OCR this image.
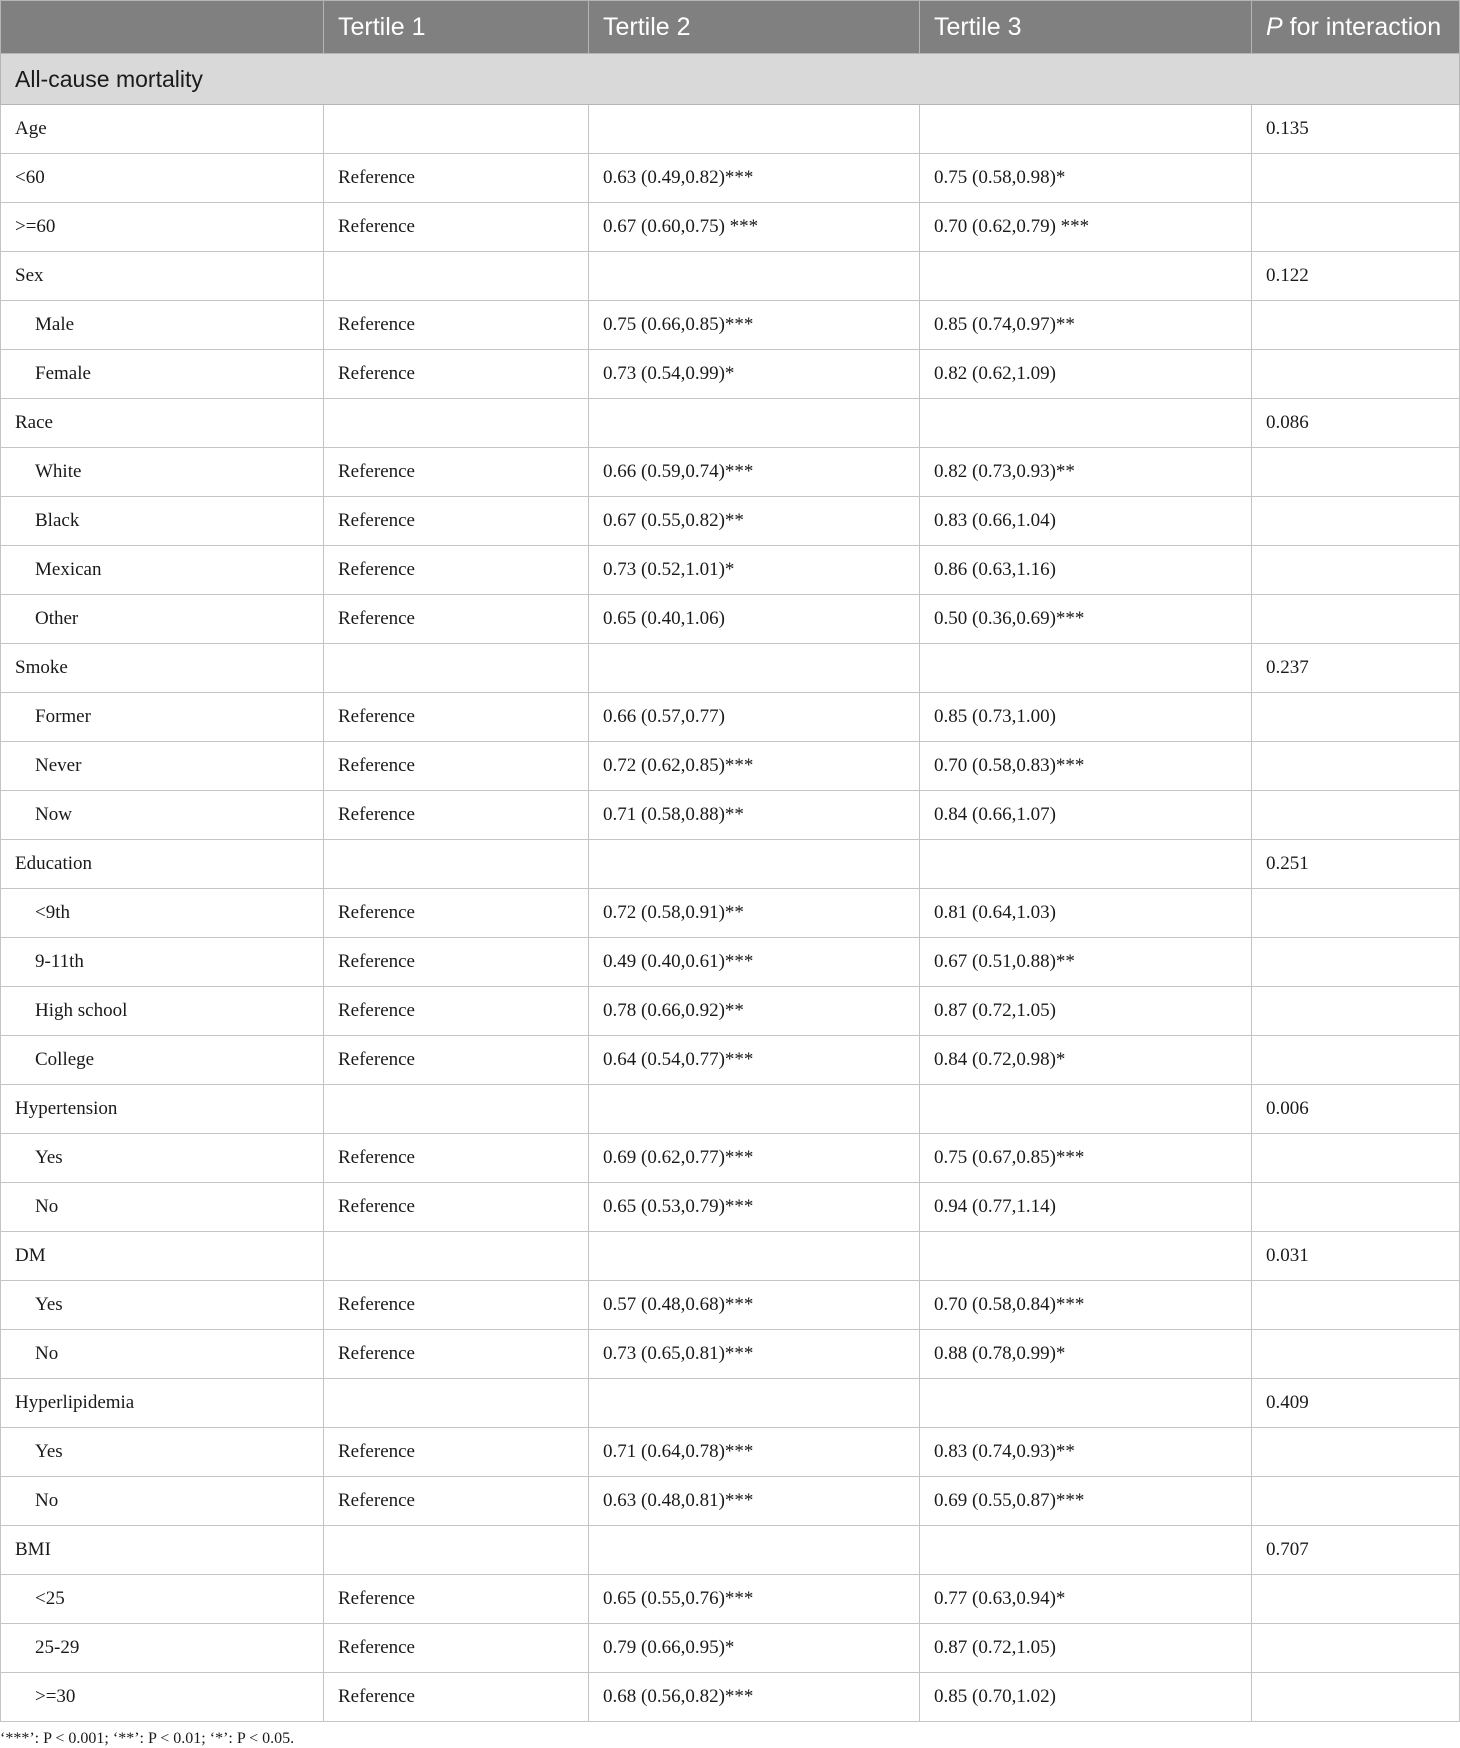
	Tertile 1	Tertile 2	Tertile 3	P for interaction
All-cause mortality				
Age				0.135
<60	Reference	0.63 (0.49,0.82)***	0.75 (0.58,0.98)*	
>=60	Reference	0.67 (0.60,0.75) ***	0.70 (0.62,0.79) ***	
Sex				0.122
Male	Reference	0.75 (0.66,0.85)***	0.85 (0.74,0.97)**	
Female	Reference	0.73 (0.54,0.99)*	0.82 (0.62,1.09)	
Race				0.086
White	Reference	0.66 (0.59,0.74)***	0.82 (0.73,0.93)**	
Black	Reference	0.67 (0.55,0.82)**	0.83 (0.66,1.04)	
Mexican	Reference	0.73 (0.52,1.01)*	0.86 (0.63,1.16)	
Other	Reference	0.65 (0.40,1.06)	0.50 (0.36,0.69)***	
Smoke				0.237
Former	Reference	0.66 (0.57,0.77)	0.85 (0.73,1.00)	
Never	Reference	0.72 (0.62,0.85)***	0.70 (0.58,0.83)***	
Now	Reference	0.71 (0.58,0.88)**	0.84 (0.66,1.07)	
Education				0.251
<9th	Reference	0.72 (0.58,0.91)**	0.81 (0.64,1.03)	
9-11th	Reference	0.49 (0.40,0.61)***	0.67 (0.51,0.88)**	
High school	Reference	0.78 (0.66,0.92)**	0.87 (0.72,1.05)	
College	Reference	0.64 (0.54,0.77)***	0.84 (0.72,0.98)*	
Hypertension				0.006
Yes	Reference	0.69 (0.62,0.77)***	0.75 (0.67,0.85)***	
No	Reference	0.65 (0.53,0.79)***	0.94 (0.77,1.14)	
DM				0.031
Yes	Reference	0.57 (0.48,0.68)***	0.70 (0.58,0.84)***	
No	Reference	0.73 (0.65,0.81)***	0.88 (0.78,0.99)*	
Hyperlipidemia				0.409
Yes	Reference	0.71 (0.64,0.78)***	0.83 (0.74,0.93)**	
No	Reference	0.63 (0.48,0.81)***	0.69 (0.55,0.87)***	
BMI				0.707
<25	Reference	0.65 (0.55,0.76)***	0.77 (0.63,0.94)*	
25-29	Reference	0.79 (0.66,0.95)*	0.87 (0.72,1.05)	
>=30	Reference	0.68 (0.56,0.82)***	0.85 (0.70,1.02)	

‘***’: P < 0.001; ‘**’: P < 0.01; ‘*’: P < 0.05.
